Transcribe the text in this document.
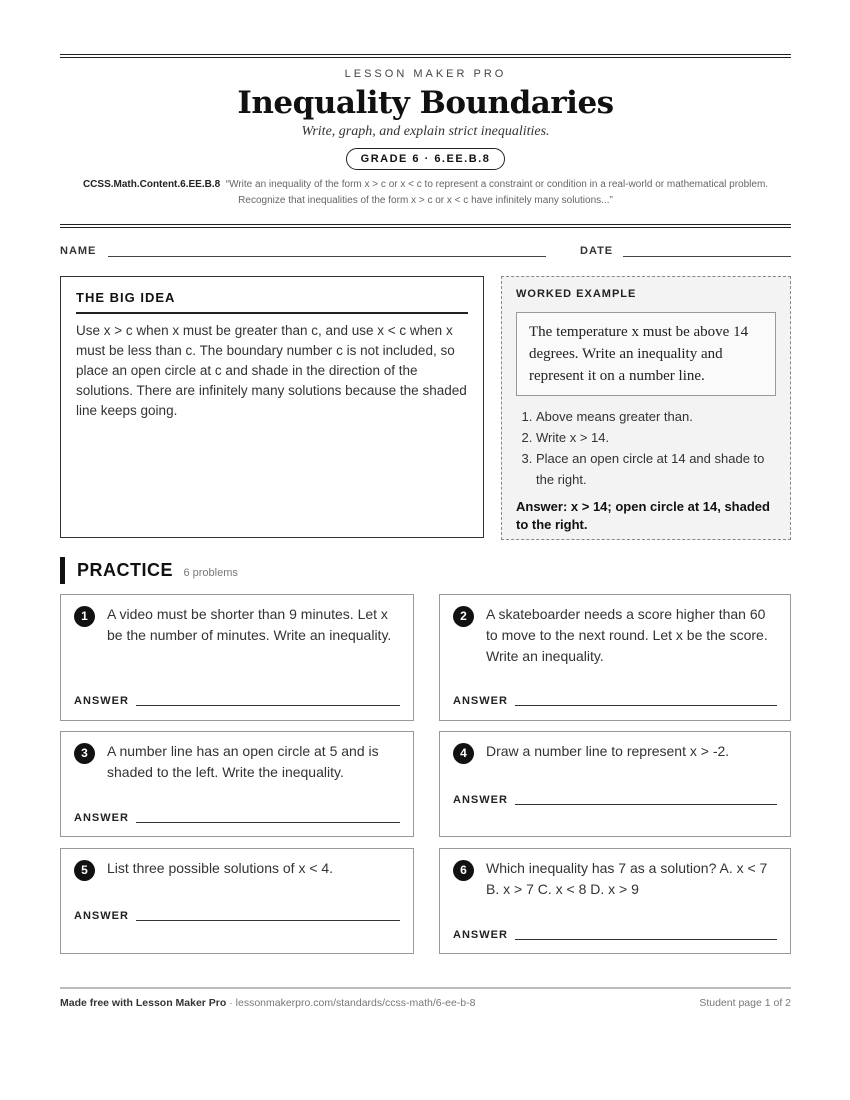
LESSON MAKER PRO
Inequality Boundaries
Write, graph, and explain strict inequalities.
GRADE 6 · 6.EE.B.8
CCSS.Math.Content.6.EE.B.8 “Write an inequality of the form x > c or x < c to represent a constraint or condition in a real-world or mathematical problem. Recognize that inequalities of the form x > c or x < c have infinitely many solutions...”
NAME	DATE
THE BIG IDEA

Use x > c when x must be greater than c, and use x < c when x must be less than c. The boundary number c is not included, so place an open circle at c and shade in the direction of the solutions. There are infinitely many solutions because the shaded line keeps going.

WORKED EXAMPLE
The temperature x must be above 14 degrees. Write an inequality and represent it on a number line.
1. Above means greater than.
2. Write x > 14.
3. Place an open circle at 14 and shade to the right.
Answer: x > 14; open circle at 14, shaded to the right.
PRACTICE 6 problems
1	A video must be shorter than 9 minutes. Let x be the number of minutes. Write an inequality.
ANSWER
2	A skateboarder needs a score higher than 60 to move to the next round. Let x be the score. Write an inequality.
ANSWER
3	A number line has an open circle at 5 and is shaded to the left. Write the inequality.
ANSWER
4	Draw a number line to represent x > -2.
ANSWER
5	List three possible solutions of x < 4.
ANSWER
6	Which inequality has 7 as a solution? A. x < 7 B. x > 7 C. x < 8 D. x > 9
ANSWER
Made free with Lesson Maker Pro · lessonmakerpro.com/standards/ccss-math/6-ee-b-8	Student page 1 of 2
